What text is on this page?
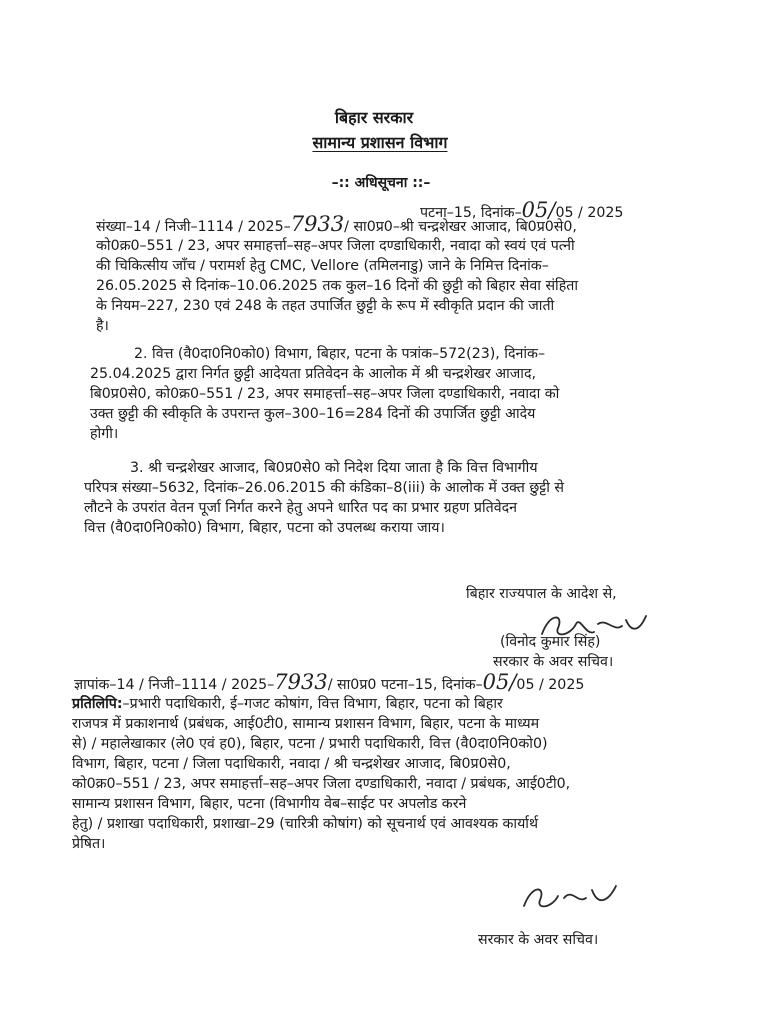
बिहार सरकार
सामान्य प्रशासन विभाग
–:: अधिसूचना ::–
पटना–15, दिनांक–05/05 / 2025
संख्या–14 / निजी–1114 / 2025–7933/ सा0प्र0–श्री चन्द्रशेखर आजाद, बि0प्र0से0,
को0क्र0–551 / 23, अपर समाहर्त्ता–सह–अपर जिला दण्डाधिकारी, नवादा को स्वयं एवं पत्नी
की चिकित्सीय जाँच / परामर्श हेतु CMC, Vellore (तमिलनाडु) जाने के निमित्त दिनांक–
26.05.2025 से दिनांक–10.06.2025 तक कुल–16 दिनों की छुट्टी को बिहार सेवा संहिता
के नियम–227, 230 एवं 248 के तहत उपार्जित छुट्टी के रूप में स्वीकृति प्रदान की जाती
है।
2. वित्त (वै0दा0नि0को0) विभाग, बिहार, पटना के पत्रांक–572(23), दिनांक–
25.04.2025 द्वारा निर्गत छुट्टी आदेयता प्रतिवेदन के आलोक में श्री चन्द्रशेखर आजाद,
बि0प्र0से0, को0क्र0–551 / 23, अपर समाहर्त्ता–सह–अपर जिला दण्डाधिकारी, नवादा को
उक्त छुट्टी की स्वीकृति के उपरान्त कुल–300–16=284 दिनों की उपार्जित छुट्टी आदेय
होगी।
3. श्री चन्द्रशेखर आजाद, बि0प्र0से0 को निदेश दिया जाता है कि वित्त विभागीय
परिपत्र संख्या–5632, दिनांक–26.06.2015 की कंडिका–8(iii) के आलोक में उक्त छुट्टी से
लौटने के उपरांत वेतन पूर्जा निर्गत करने हेतु अपने धारित पद का प्रभार ग्रहण प्रतिवेदन
वित्त (वै0दा0नि0को0) विभाग, बिहार, पटना को उपलब्ध कराया जाय।
बिहार राज्यपाल के आदेश से,
(विनोद कुमार सिंह)
सरकार के अवर सचिव।
ज्ञापांक–14 / निजी–1114 / 2025–7933/ सा0प्र0 पटना–15, दिनांक–05/05 / 2025
प्रतिलिपि:–प्रभारी पदाधिकारी, ई–गजट कोषांग, वित्त विभाग, बिहार, पटना को बिहार
राजपत्र में प्रकाशनार्थ (प्रबंधक, आई0टी0, सामान्य प्रशासन विभाग, बिहार, पटना के माध्यम
से) / महालेखाकार (ले0 एवं ह0), बिहार, पटना / प्रभारी पदाधिकारी, वित्त (वै0दा0नि0को0)
विभाग, बिहार, पटना / जिला पदाधिकारी, नवादा / श्री चन्द्रशेखर आजाद, बि0प्र0से0,
को0क्र0–551 / 23, अपर समाहर्त्ता–सह–अपर जिला दण्डाधिकारी, नवादा / प्रबंधक, आई0टी0,
सामान्य प्रशासन विभाग, बिहार, पटना (विभागीय वेब–साईट पर अपलोड करने
हेतु) / प्रशाखा पदाधिकारी, प्रशाखा–29 (चारित्री कोषांग) को सूचनार्थ एवं आवश्यक कार्यार्थ
प्रेषित।
सरकार के अवर सचिव।
